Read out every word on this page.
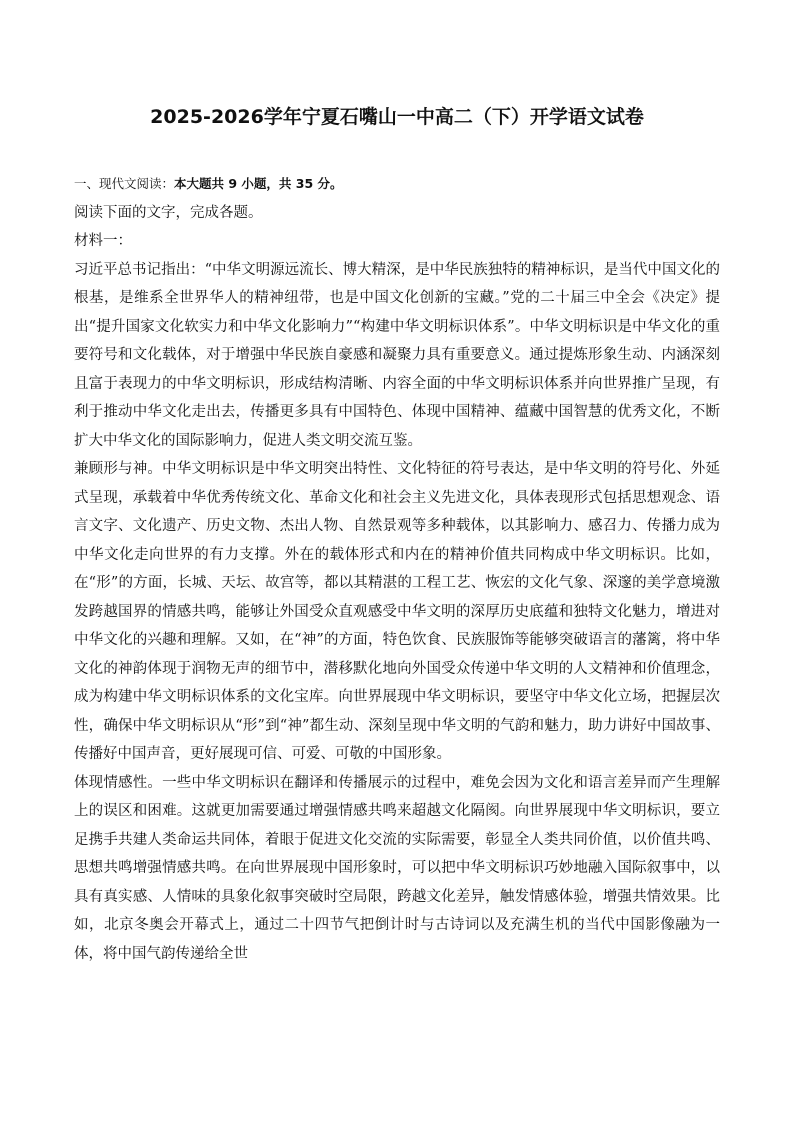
2025-2026学年宁夏石嘴山一中高二（下）开学语文试卷

一、现代文阅读：本大题共 9 小题，共 35 分。

阅读下面的文字，完成各题。

材料一：

习近平总书记指出：“中华文明源远流长、博大精深，是中华民族独特的精神标识，是当代中国文化的根基，是维系全世界华人的精神纽带，也是中国文化创新的宝藏。”党的二十届三中全会《决定》提出“提升国家文化软实力和中华文化影响力”“构建中华文明标识体系”。中华文明标识是中华文化的重要符号和文化载体，对于增强中华民族自豪感和凝聚力具有重要意义。通过提炼形象生动、内涵深刻且富于表现力的中华文明标识，形成结构清晰、内容全面的中华文明标识体系并向世界推广呈现，有利于推动中华文化走出去，传播更多具有中国特色、体现中国精神、蕴藏中国智慧的优秀文化，不断扩大中华文化的国际影响力，促进人类文明交流互鉴。

兼顾形与神。中华文明标识是中华文明突出特性、文化特征的符号表达，是中华文明的符号化、外延式呈现，承载着中华优秀传统文化、革命文化和社会主义先进文化，具体表现形式包括思想观念、语言文字、文化遗产、历史文物、杰出人物、自然景观等多种载体，以其影响力、感召力、传播力成为中华文化走向世界的有力支撑。外在的载体形式和内在的精神价值共同构成中华文明标识。比如，在“形”的方面，长城、天坛、故宫等，都以其精湛的工程工艺、恢宏的文化气象、深邃的美学意境激发跨越国界的情感共鸣，能够让外国受众直观感受中华文明的深厚历史底蕴和独特文化魅力，增进对中华文化的兴趣和理解。又如，在“神”的方面，特色饮食、民族服饰等能够突破语言的藩篱，将中华文化的神韵体现于润物无声的细节中，潜移默化地向外国受众传递中华文明的人文精神和价值理念，成为构建中华文明标识体系的文化宝库。向世界展现中华文明标识，要坚守中华文化立场，把握层次性，确保中华文明标识从“形”到“神”都生动、深刻呈现中华文明的气韵和魅力，助力讲好中国故事、传播好中国声音，更好展现可信、可爱、可敬的中国形象。

体现情感性。一些中华文明标识在翻译和传播展示的过程中，难免会因为文化和语言差异而产生理解上的误区和困难。这就更加需要通过增强情感共鸣来超越文化隔阂。向世界展现中华文明标识，要立足携手共建人类命运共同体，着眼于促进文化交流的实际需要，彰显全人类共同价值，以价值共鸣、思想共鸣增强情感共鸣。在向世界展现中国形象时，可以把中华文明标识巧妙地融入国际叙事中，以具有真实感、人情味的具象化叙事突破时空局限，跨越文化差异，触发情感体验，增强共情效果。比如，北京冬奥会开幕式上，通过二十四节气把倒计时与古诗词以及充满生机的当代中国影像融为一体，将中国气韵传递给全世
